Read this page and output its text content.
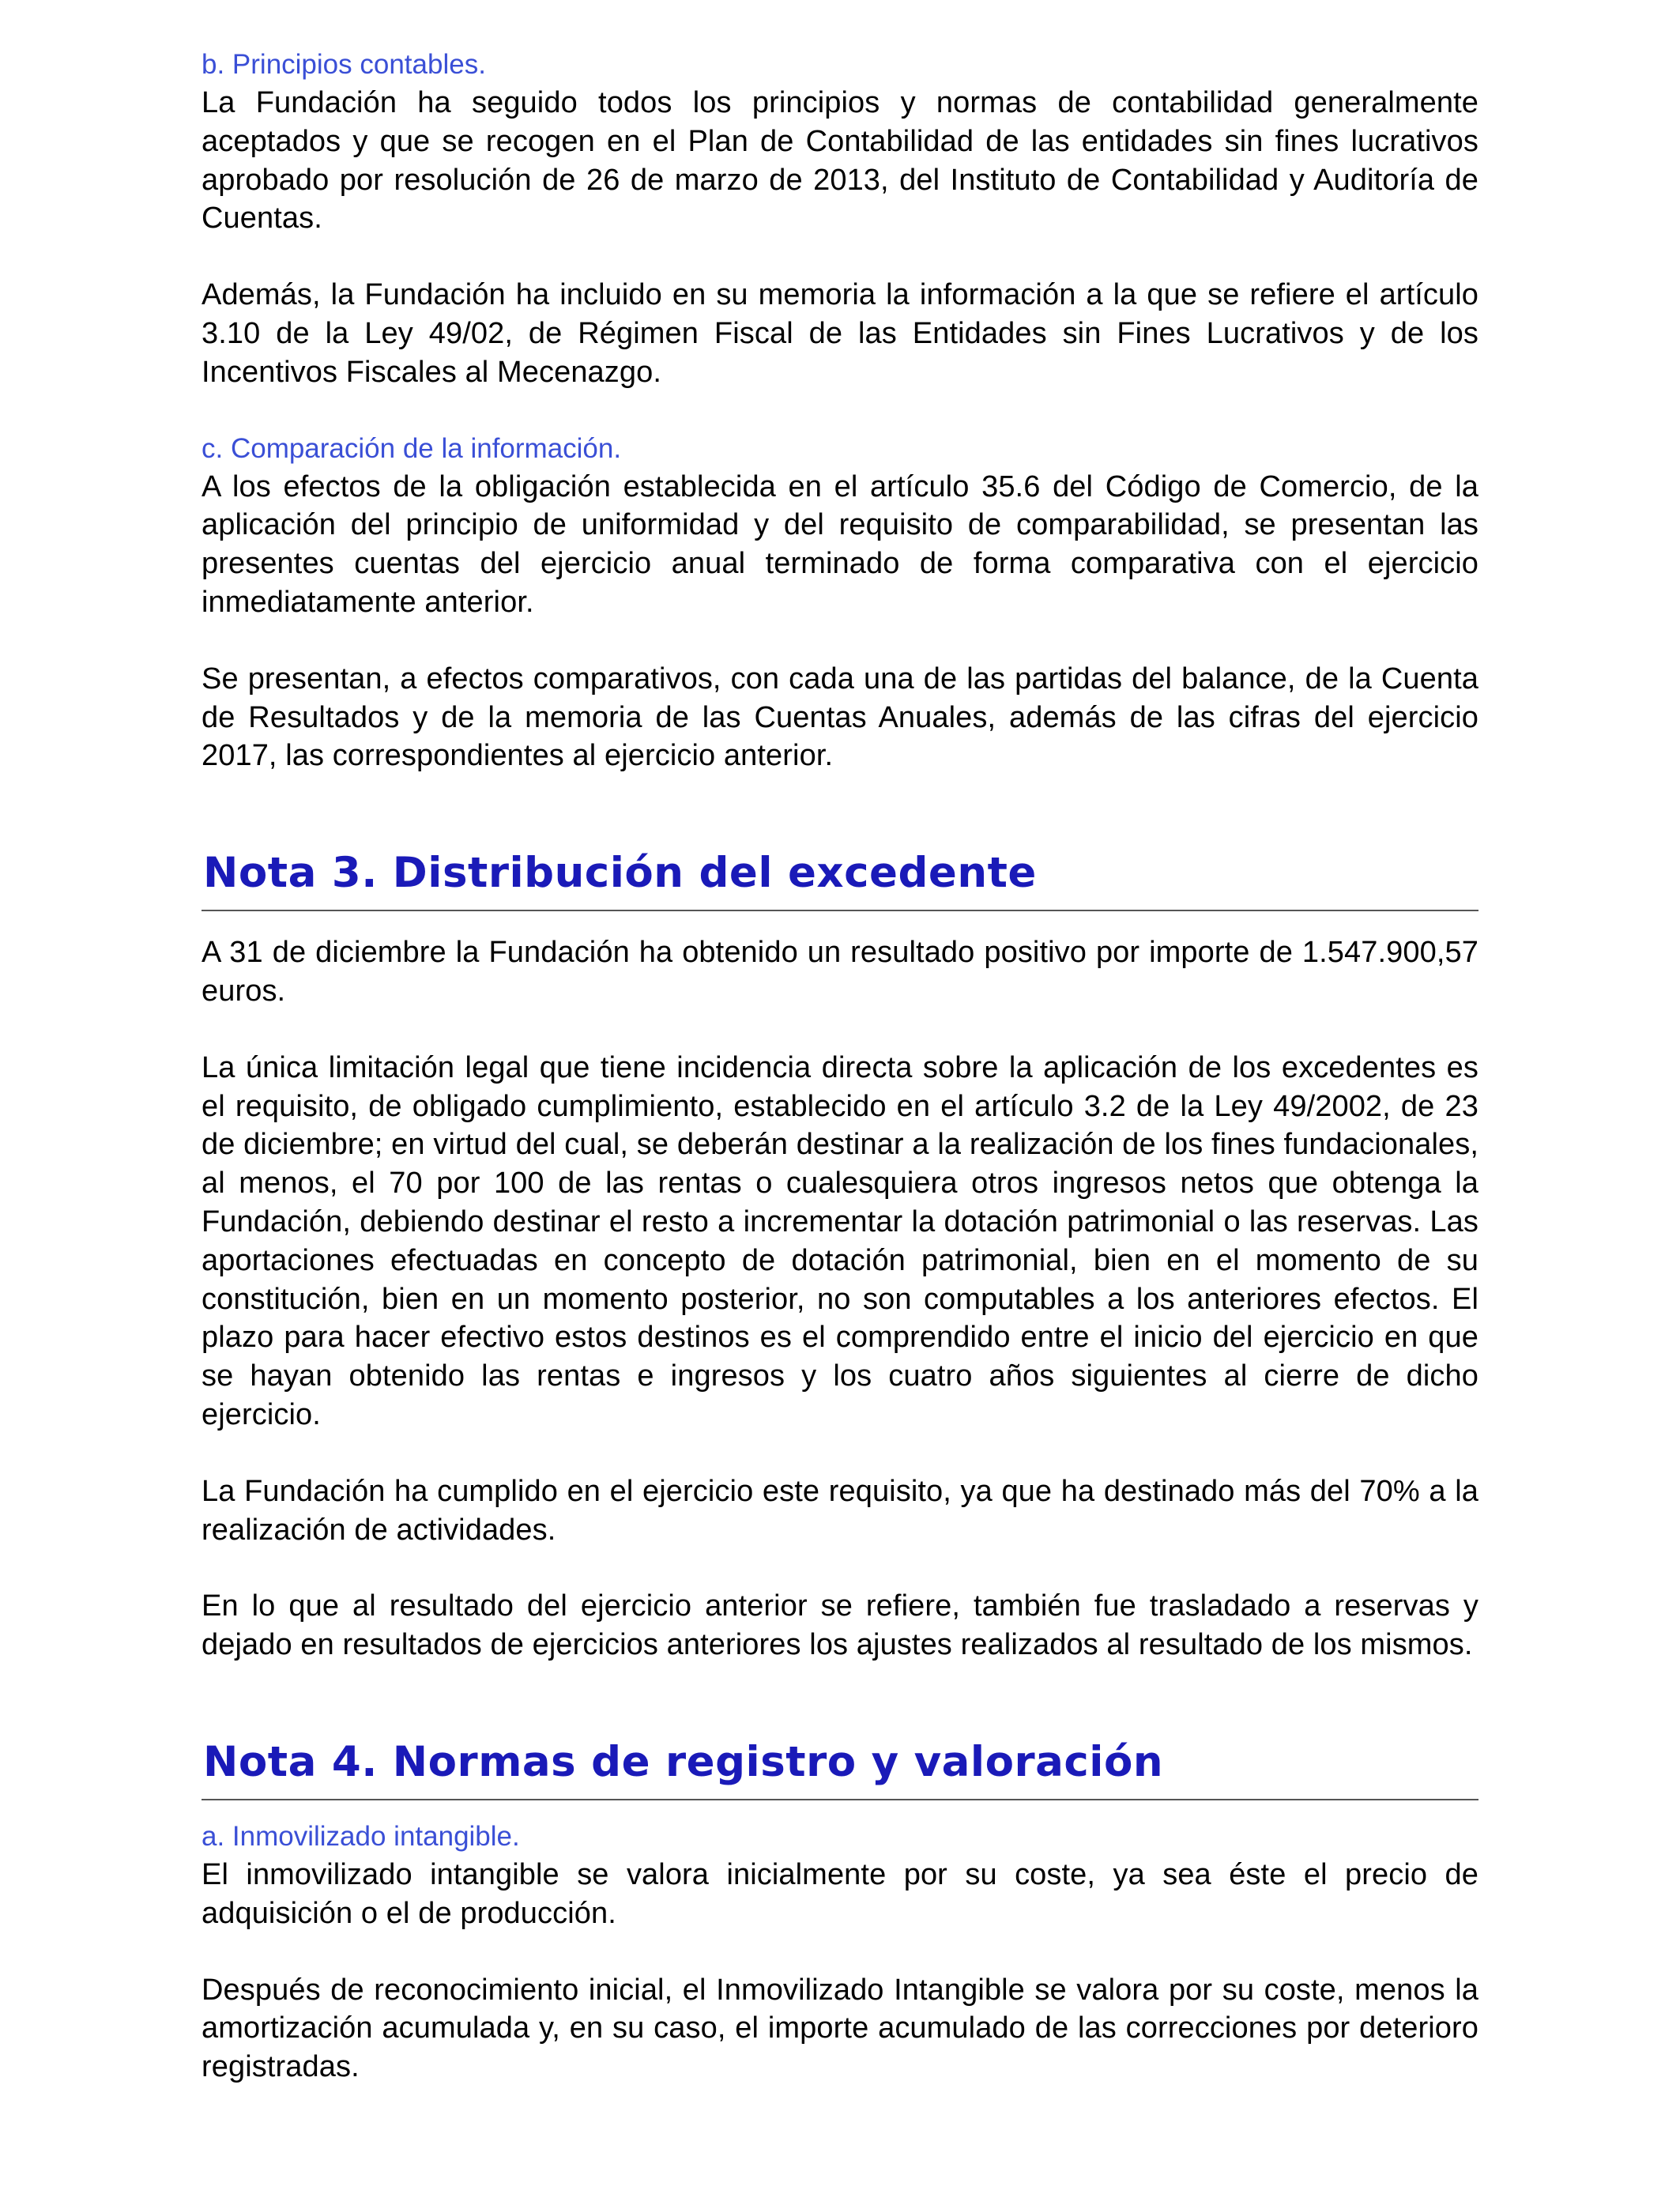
b. Principios contables.

La Fundación ha seguido todos los principios y normas de contabilidad generalmente aceptados y que se recogen en el Plan de Contabilidad de las entidades sin fines lucrativos aprobado por resolución de 26 de marzo de 2013, del Instituto de Contabilidad y Auditoría de Cuentas.

Además, la Fundación ha incluido en su memoria la información a la que se refiere el artículo 3.10 de la Ley 49/02, de Régimen Fiscal de las Entidades sin Fines Lucrativos y de los Incentivos Fiscales al Mecenazgo.

c. Comparación de la información.

A los efectos de la obligación establecida en el artículo 35.6 del Código de Comercio, de la aplicación del principio de uniformidad y del requisito de comparabilidad, se presentan las presentes cuentas del ejercicio anual terminado de forma comparativa con el ejercicio inmediatamente anterior.

Se presentan, a efectos comparativos, con cada una de las partidas del balance, de la Cuenta de Resultados y de la memoria de las Cuentas Anuales, además de las cifras del ejercicio 2017, las correspondientes al ejercicio anterior.

Nota 3. Distribución del excedente

A 31 de diciembre la Fundación ha obtenido un resultado positivo por importe de 1.547.900,57 euros.

La única limitación legal que tiene incidencia directa sobre la aplicación de los excedentes es el requisito, de obligado cumplimiento, establecido en el artículo 3.2 de la Ley 49/2002, de 23 de diciembre; en virtud del cual, se deberán destinar a la realización de los fines fundacionales, al menos, el 70 por 100 de las rentas o cualesquiera otros ingresos netos que obtenga la Fundación, debiendo destinar el resto a incrementar la dotación patrimonial o las reservas. Las aportaciones efectuadas en concepto de dotación patrimonial, bien en el momento de su constitución, bien en un momento posterior, no son computables a los anteriores efectos. El plazo para hacer efectivo estos destinos es el comprendido entre el inicio del ejercicio en que se hayan obtenido las rentas e ingresos y los cuatro años siguientes al cierre de dicho ejercicio.

La Fundación ha cumplido en el ejercicio este requisito, ya que ha destinado más del 70% a la realización de actividades.

En lo que al resultado del ejercicio anterior se refiere, también fue trasladado a reservas y dejado en resultados de ejercicios anteriores los ajustes realizados al resultado de los mismos.

Nota 4. Normas de registro y valoración

a. Inmovilizado intangible.

El inmovilizado intangible se valora inicialmente por su coste, ya sea éste el precio de adquisición o el de producción.

Después de reconocimiento inicial, el Inmovilizado Intangible se valora por su coste, menos la amortización acumulada y, en su caso, el importe acumulado de las correcciones por deterioro registradas.
